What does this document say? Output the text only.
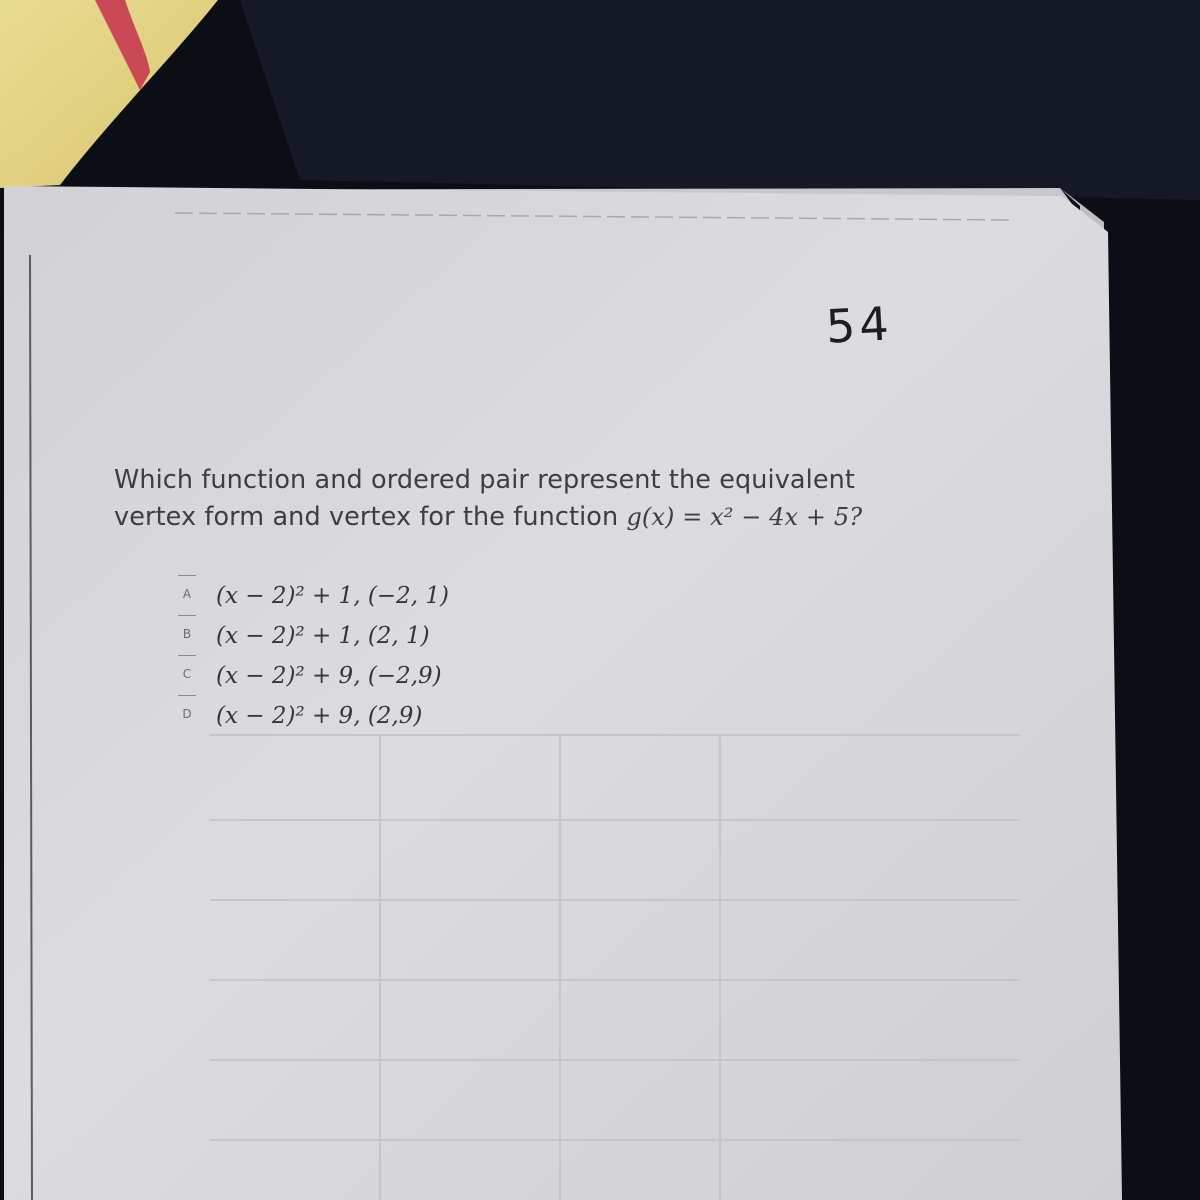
54
Which function and ordered pair represent the equivalent
vertex form and vertex for the function g(x) = x² − 4x + 5?
A (x − 2)² + 1, (−2, 1)
B (x − 2)² + 1, (2, 1)
C (x − 2)² + 9, (−2,9)
D (x − 2)² + 9, (2,9)
